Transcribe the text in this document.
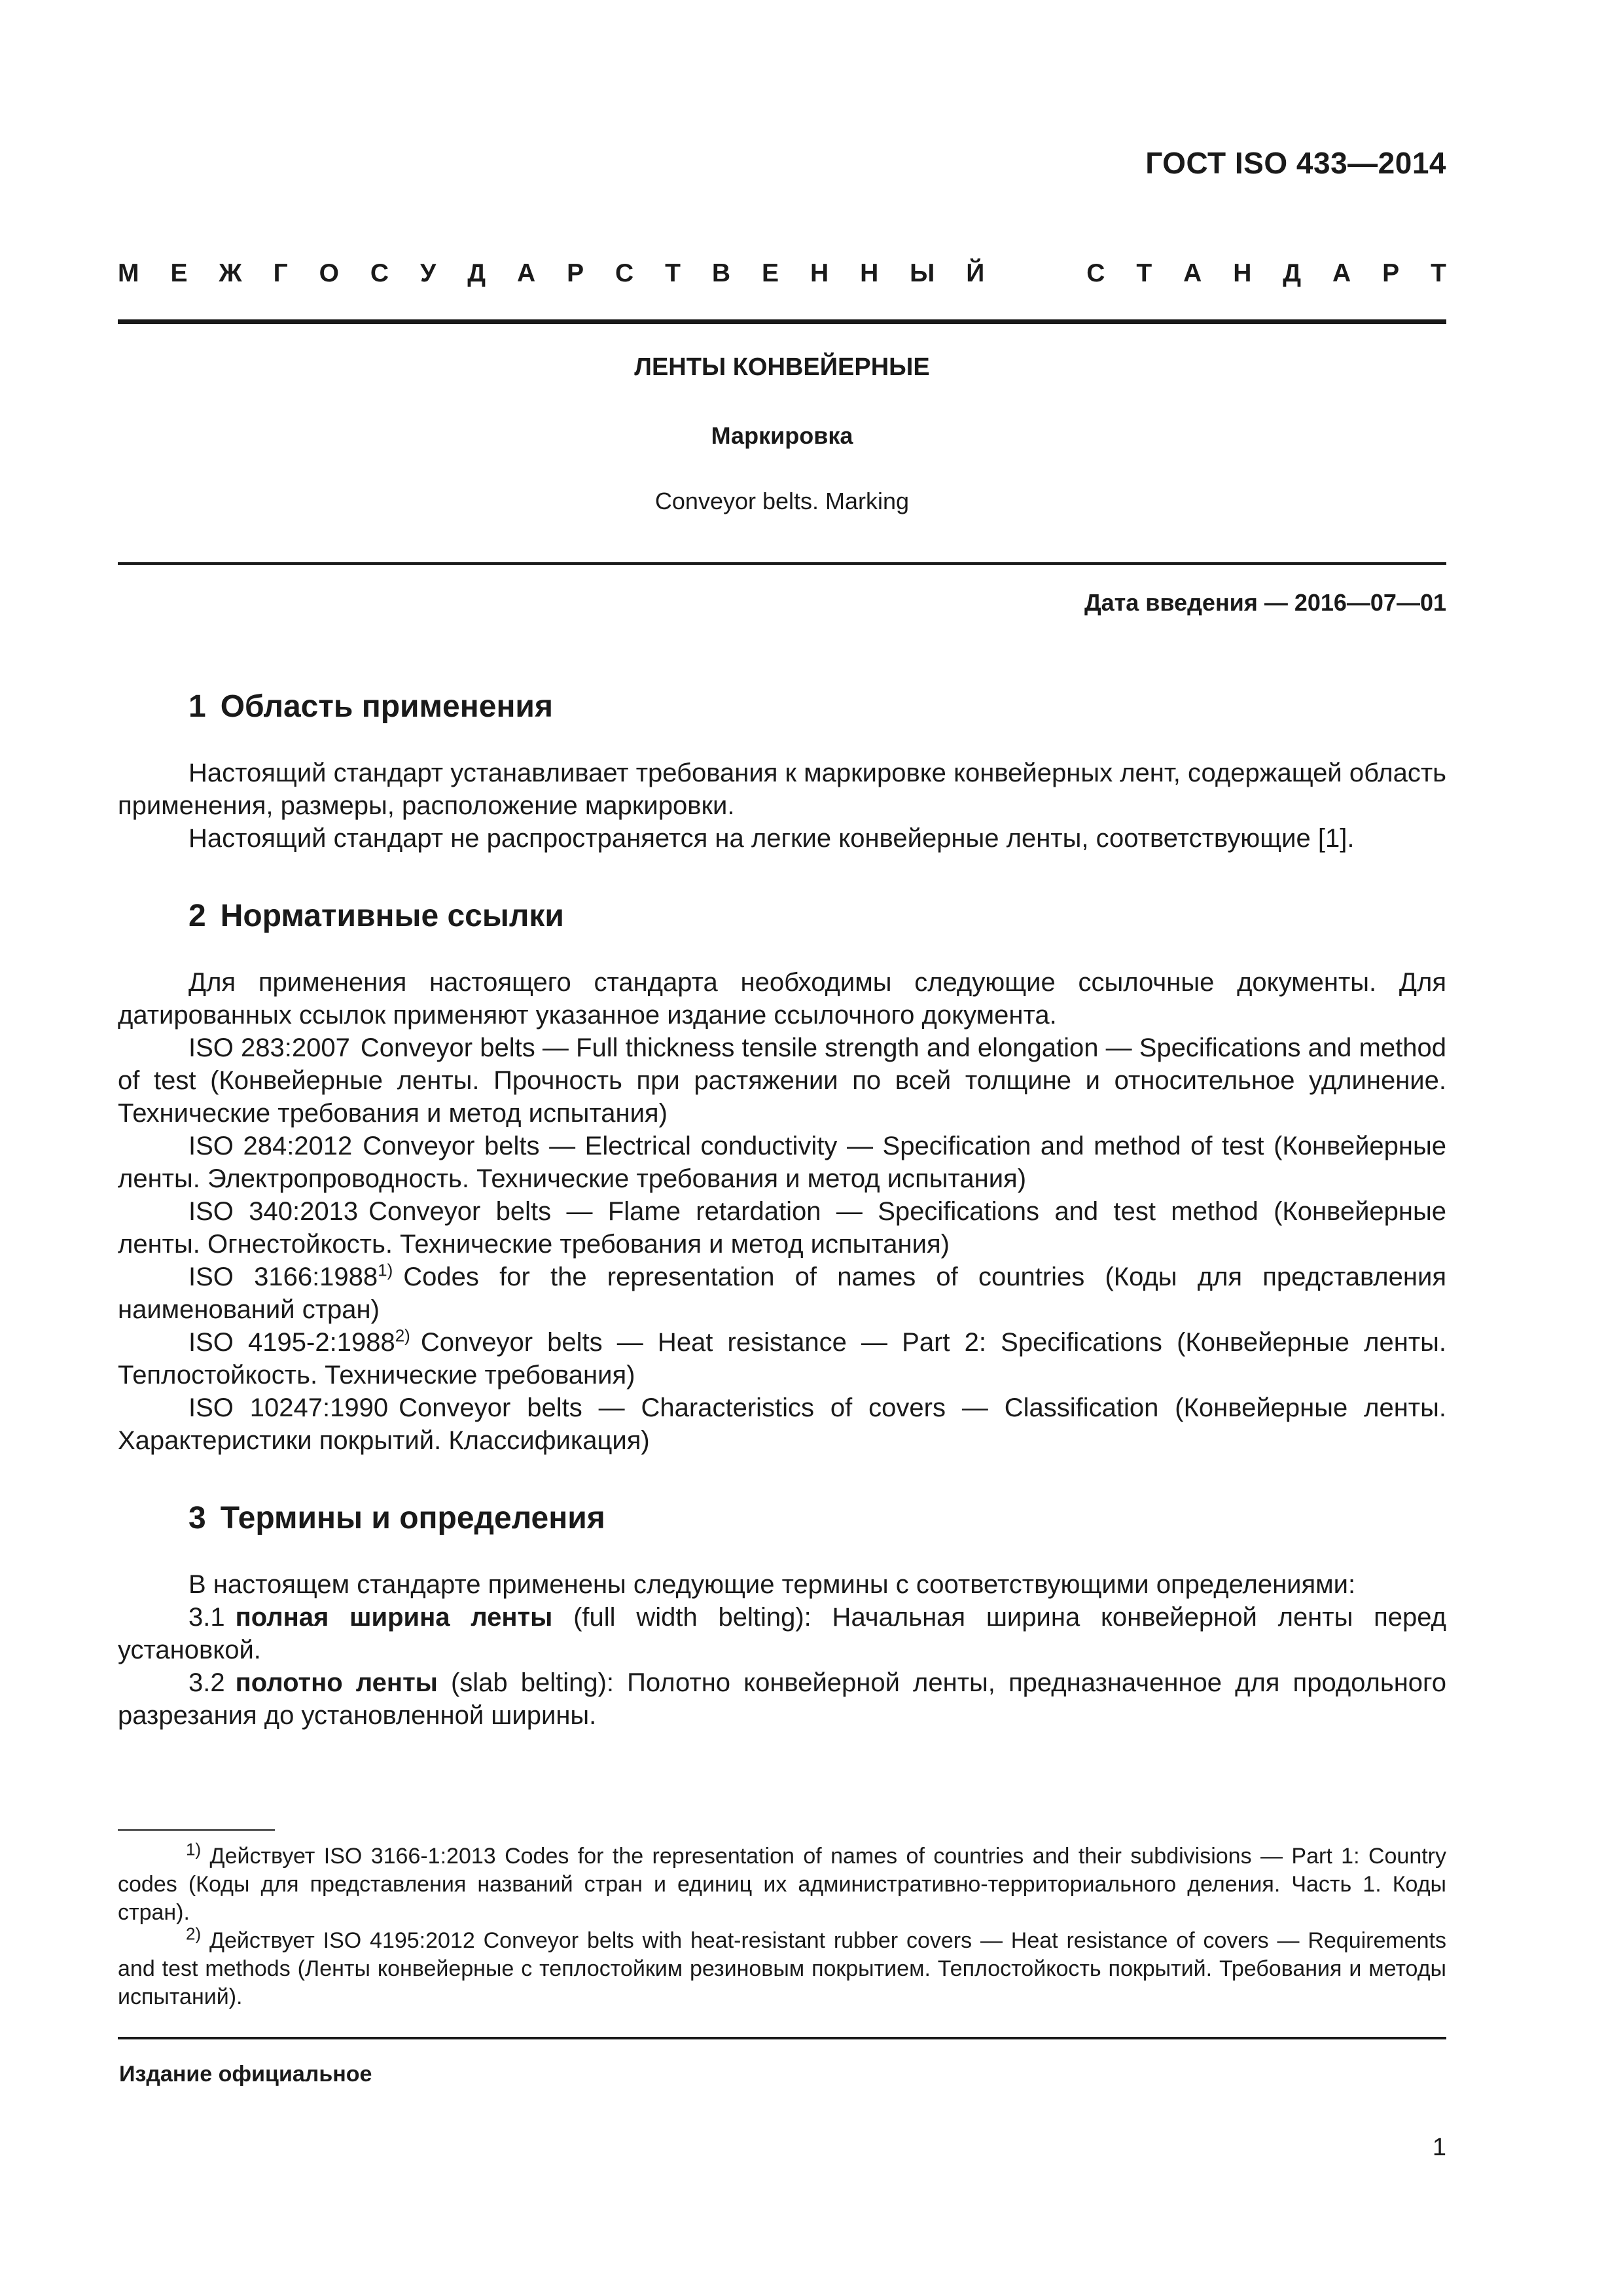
ГОСТ ISO 433—2014
М Е Ж Г О С У Д А Р С Т В Е Н Н Ы Й	С Т А Н Д А Р Т
ЛЕНТЫ КОНВЕЙЕРНЫЕ
Маркировка
Conveyor belts. Marking
Дата введения — 2016—07—01
1 Область применения

Настоящий стандарт устанавливает требования к маркировке конвейерных лент, содержащей область применения, размеры, расположение маркировки.

Настоящий стандарт не распространяется на легкие конвейерные ленты, соответствующие [1].

2 Нормативные ссылки

Для применения настоящего стандарта необходимы следующие ссылочные документы. Для датированных ссылок применяют указанное издание ссылочного документа.

ISO 283:2007 Conveyor belts — Full thickness tensile strength and elongation — Specifications and method of test (Конвейерные ленты. Прочность при растяжении по всей толщине и относительное удлинение. Технические требования и метод испытания)

ISO 284:2012 Conveyor belts — Electrical conductivity — Specification and method of test (Конвейерные ленты. Электропроводность. Технические требования и метод испытания)

ISO 340:2013 Conveyor belts — Flame retardation — Specifications and test method (Конвейерные ленты. Огнестойкость. Технические требования и метод испытания)

ISO 3166:1988$^{1)}$ Codes for the representation of names of countries (Коды для представления наименований стран)

ISO 4195-2:1988$^{2)}$ Conveyor belts — Heat resistance — Part 2: Specifications (Конвейерные ленты. Теплостойкость. Технические требования)

ISO 10247:1990 Conveyor belts — Characteristics of covers — Classification (Конвейерные ленты. Характеристики покрытий. Классификация)

3 Термины и определения

В настоящем стандарте применены следующие термины с соответствующими определениями:

3.1 полная ширина ленты (full width belting): Начальная ширина конвейерной ленты перед установкой.

3.2 полотно ленты (slab belting): Полотно конвейерной ленты, предназначенное для продольного разрезания до установленной ширины.

$^{1)}$ Действует ISO 3166-1:2013 Codes for the representation of names of countries and their subdivisions — Part 1: Country codes (Коды для представления названий стран и единиц их административно-территориального деления. Часть 1. Коды стран).

$^{2)}$ Действует ISO 4195:2012 Conveyor belts with heat-resistant rubber covers — Heat resistance of covers — Requirements and test methods (Ленты конвейерные с теплостойким резиновым покрытием. Теплостойкость покрытий. Требования и методы испытаний).

Издание официальное
1
